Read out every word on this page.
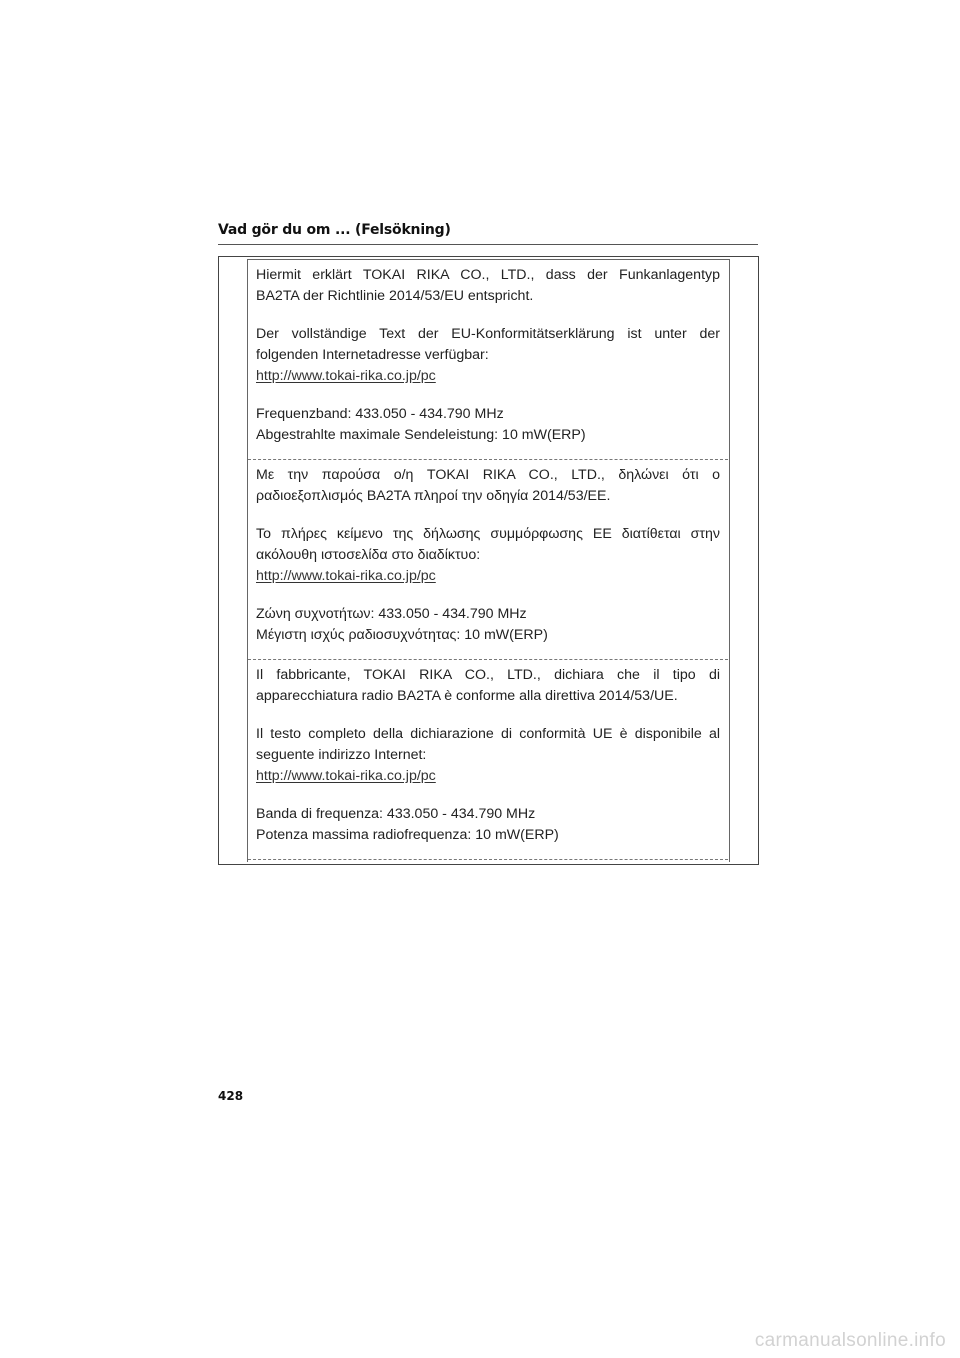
Vad gör du om ... (Felsökning)

Hiermit erklärt TOKAI RIKA CO., LTD., dass der Funkanlagentyp
BA2TA der Richtlinie 2014/53/EU entspricht.

Der vollständige Text der EU-Konformitätserklärung ist unter der
folgenden Internetadresse verfügbar:
http://www.tokai-rika.co.jp/pc

Frequenzband: 433.050 - 434.790 MHz
Abgestrahlte maximale Sendeleistung: 10 mW(ERP)

Με την παρούσα ο/η TOKAI RIKA CO., LTD., δηλώνει ότι ο
ραδιοεξοπλισμός BA2TA πληροί την οδηγία 2014/53/ΕΕ.

Το πλήρες κείμενο της δήλωσης συμμόρφωσης ΕΕ διατίθεται στην
ακόλουθη ιστοσελίδα στο διαδίκτυο:
http://www.tokai-rika.co.jp/pc

Ζώνη συχνοτήτων: 433.050 - 434.790 MHz
Μέγιστη ισχύς ραδιοσυχνότητας: 10 mW(ERP)

Il fabbricante, TOKAI RIKA CO., LTD., dichiara che il tipo di
apparecchiatura radio BA2TA è conforme alla direttiva 2014/53/UE.

Il testo completo della dichiarazione di conformità UE è disponibile al
seguente indirizzo Internet:
http://www.tokai-rika.co.jp/pc

Banda di frequenza: 433.050 - 434.790 MHz
Potenza massima radiofrequenza: 10 mW(ERP)

428
carmanualsonline.info
